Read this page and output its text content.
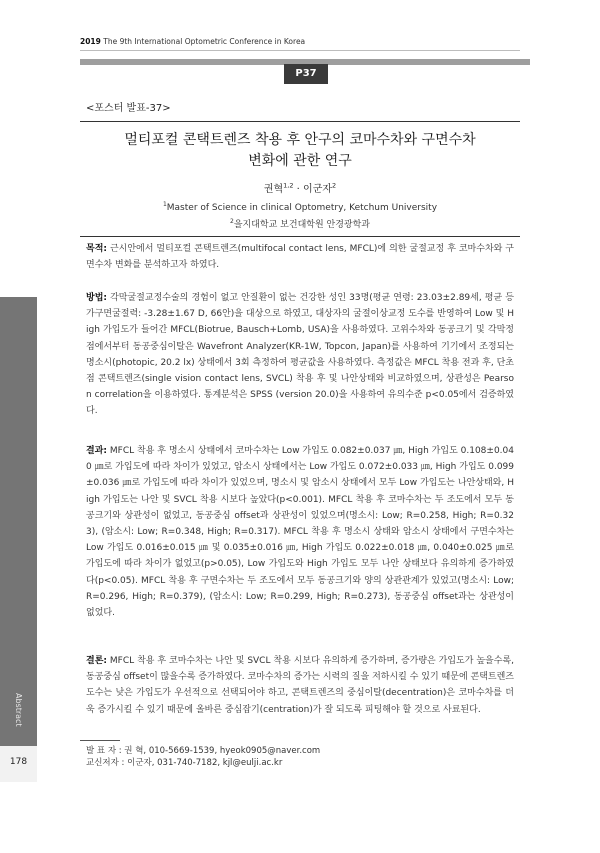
2019 The 9th International Optometric Conference in Korea
P37
<포스터 발표-37>
멀티포컬 콘택트렌즈 착용 후 안구의 코마수차와 구면수차
변화에 관한 연구
권혁$^{1,2}$ · 이군자$^2$
$^1$Master of Science in clinical Optometry, Ketchum University
$^2$을지대학교 보건대학원 안경광학과
목적: 근시안에서 멀티포컬 콘택트렌즈(multifocal contact lens, MFCL)에 의한 굴절교정 후 코마수차와 구면수차 변화를 분석하고자 하였다.
방법: 각막굴절교정수술의 경험이 없고 안질환이 없는 건강한 성인 33명(평균 연령: 23.03±2.89세, 평균 등가구면굴절력: -3.28±1.67 D, 66안)을 대상으로 하였고, 대상자의 굴절이상교정 도수를 반영하여 Low 및 High 가입도가 들어간 MFCL(Biotrue, Bausch+Lomb, USA)을 사용하였다. 고위수차와 동공크기 및 각막정점에서부터 동공중심이탈은 Wavefront Analyzer(KR-1W, Topcon, Japan)를 사용하여 기기에서 조정되는 명소시(photopic, 20.2 lx) 상태에서 3회 측정하여 평균값을 사용하였다. 측정값은 MFCL 착용 전과 후, 단초점 콘택트렌즈(single vision contact lens, SVCL) 착용 후 및 나안상태와 비교하였으며, 상관성은 Pearson correlation을 이용하였다. 통계분석은 SPSS (version 20.0)을 사용하여 유의수준 p<0.05에서 검증하였다.
결과: MFCL 착용 후 명소시 상태에서 코마수차는 Low 가입도 0.082±0.037 ㎛, High 가입도 0.108±0.040 ㎛로 가입도에 따라 차이가 있었고, 암소시 상태에서는 Low 가입도 0.072±0.033 ㎛, High 가입도 0.099±0.036 ㎛로 가입도에 따라 차이가 있었으며, 명소시 및 암소시 상태에서 모두 Low 가입도는 나안상태와, High 가입도는 나안 및 SVCL 착용 시보다 높았다(p<0.001). MFCL 착용 후 코마수차는 두 조도에서 모두 동공크기와 상관성이 없었고, 동공중심 offset과 상관성이 있었으며(명소시: Low; R=0.258, High; R=0.323), (암소시: Low; R=0.348, High; R=0.317). MFCL 착용 후 명소시 상태와 암소시 상태에서 구면수차는 Low 가입도 0.016±0.015 ㎛ 및 0.035±0.016 ㎛, High 가입도 0.022±0.018 ㎛, 0.040±0.025 ㎛로 가입도에 따라 차이가 없었고(p>0.05), Low 가입도와 High 가입도 모두 나안 상태보다 유의하게 증가하였다(p<0.05). MFCL 착용 후 구면수차는 두 조도에서 모두 동공크기와 양의 상관관계가 있었고(명소시: Low; R=0.296, High; R=0.379), (암소시: Low; R=0.299, High; R=0.273), 동공중심 offset과는 상관성이 없었다.
결론: MFCL 착용 후 코마수차는 나안 및 SVCL 착용 시보다 유의하게 증가하며, 증가량은 가입도가 높을수록, 동공중심 offset이 많을수록 증가하였다. 코마수차의 증가는 시력의 질을 저하시킬 수 있기 때문에 콘택트렌즈 도수는 낮은 가입도가 우선적으로 선택되어야 하고, 콘택트렌즈의 중심이탈(decentration)은 코마수차를 더욱 증가시킬 수 있기 때문에 올바른 중심잡기(centration)가 잘 되도록 피팅해야 할 것으로 사료된다.
발 표 자 : 권 혁, 010-5669-1539, hyeok0905@naver.com
교신저자 : 이군자, 031-740-7182, kjl@eulji.ac.kr
Abstract
178
